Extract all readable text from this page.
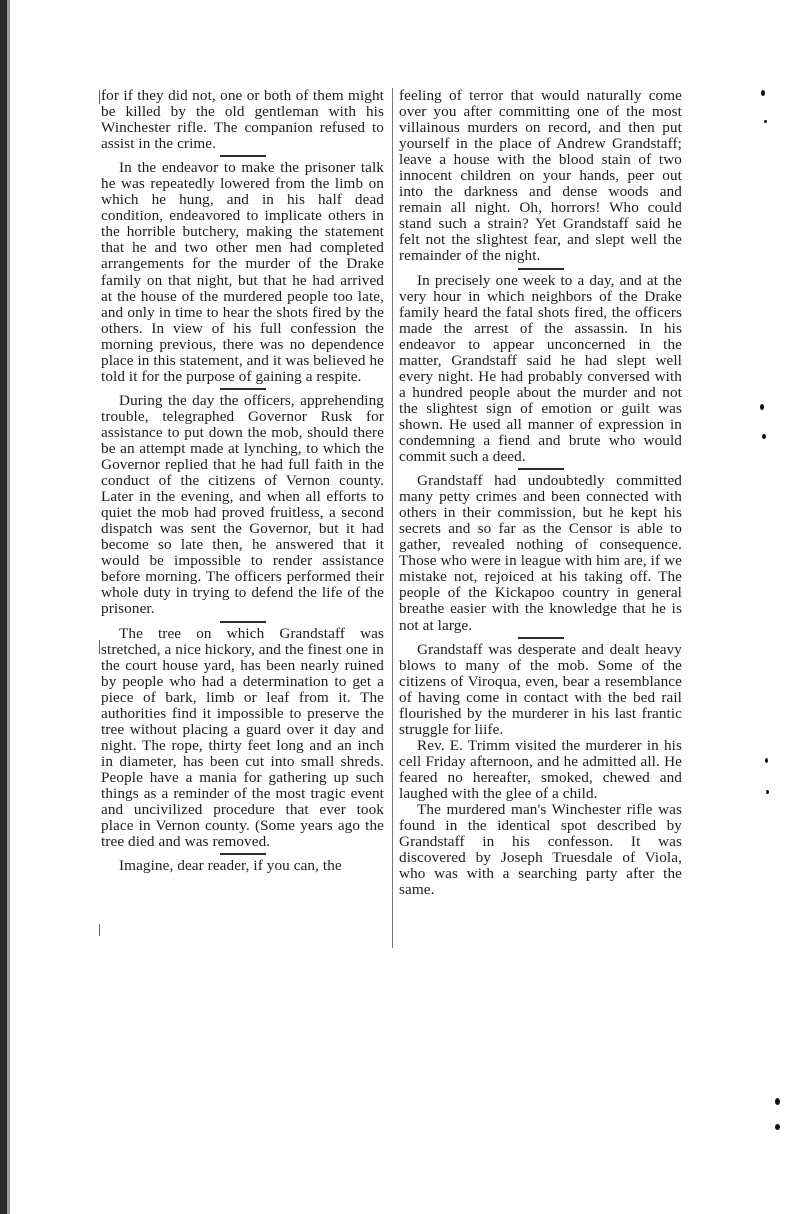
for if they did not, one or both of them might be killed by the old gentleman with his Winchester rifle. The companion refused to assist in the crime.

In the endeavor to make the prisoner talk he was repeatedly lowered from the limb on which he hung, and in his half dead condition, endeavored to implicate others in the horrible butchery, making the statement that he and two other men had completed arrangements for the murder of the Drake family on that night, but that he had arrived at the house of the murdered people too late, and only in time to hear the shots fired by the others. In view of his full confession the morning previous, there was no dependence place in this statement, and it was believed he told it for the purpose of gaining a respite.

During the day the officers, apprehending trouble, telegraphed Governor Rusk for assistance to put down the mob, should there be an attempt made at lynching, to which the Governor replied that he had full faith in the conduct of the citizens of Vernon county. Later in the evening, and when all efforts to quiet the mob had proved fruitless, a second dispatch was sent the Governor, but it had become so late then, he answered that it would be impossible to render assistance before morning. The officers performed their whole duty in trying to defend the life of the prisoner.

The tree on which Grandstaff was stretched, a nice hickory, and the finest one in the court house yard, has been nearly ruined by people who had a determination to get a piece of bark, limb or leaf from it. The authorities find it impossible to preserve the tree without placing a guard over it day and night. The rope, thirty feet long and an inch in diameter, has been cut into small shreds. People have a mania for gathering up such things as a reminder of the most tragic event and uncivilized procedure that ever took place in Vernon county. (Some years ago the tree died and was removed.

Imagine, dear reader, if you can, the

feeling of terror that would naturally come over you after committing one of the most villainous murders on record, and then put yourself in the place of Andrew Grandstaff; leave a house with the blood stain of two innocent children on your hands, peer out into the darkness and dense woods and remain all night. Oh, horrors! Who could stand such a strain? Yet Grandstaff said he felt not the slightest fear, and slept well the remainder of the night.

In precisely one week to a day, and at the very hour in which neighbors of the Drake family heard the fatal shots fired, the officers made the arrest of the assassin. In his endeavor to appear unconcerned in the matter, Grandstaff said he had slept well every night. He had probably conversed with a hundred people about the murder and not the slightest sign of emotion or guilt was shown. He used all manner of expression in condemning a fiend and brute who would commit such a deed.

Grandstaff had undoubtedly committed many petty crimes and been connected with others in their commission, but he kept his secrets and so far as the Censor is able to gather, revealed nothing of consequence. Those who were in league with him are, if we mistake not, rejoiced at his taking off. The people of the Kickapoo country in general breathe easier with the knowledge that he is not at large.

Grandstaff was desperate and dealt heavy blows to many of the mob. Some of the citizens of Viroqua, even, bear a resemblance of having come in contact with the bed rail flourished by the murderer in his last frantic struggle for liife.

Rev. E. Trimm visited the murderer in his cell Friday afternoon, and he admitted all. He feared no hereafter, smoked, chewed and laughed with the glee of a child.

The murdered man's Winchester rifle was found in the identical spot described by Grandstaff in his confesson. It was discovered by Joseph Truesdale of Viola, who was with a searching party after the same.
